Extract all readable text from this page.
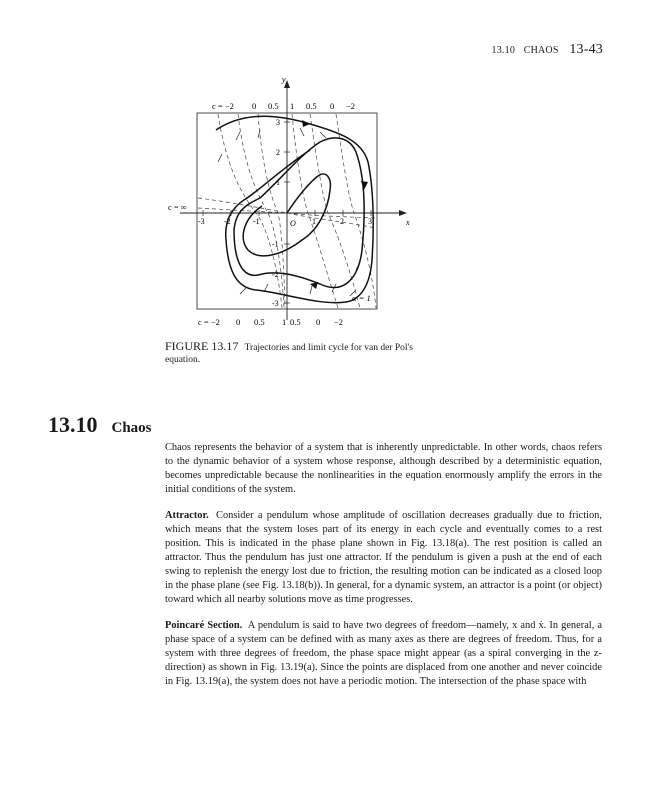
13.10 CHAOS 13-43
y
x
O
-3 -2	-1	1	2	3
3
2
1
-1
-2
-3
c = −2 0 0.5 1 0.5 0 −2
c = −2 0 0.5 1 0.5 0 −2
c = ∞
α = 1
FIGURE 13.17 Trajectories and limit cycle for van der Pol's equation.
13.10 Chaos

Chaos represents the behavior of a system that is inherently unpredictable. In other words, chaos refers to the dynamic behavior of a system whose response, although described by a deterministic equation, becomes unpredictable because the nonlinearities in the equation enormously amplify the errors in the initial conditions of the system.

Attractor. Consider a pendulum whose amplitude of oscillation decreases gradually due to friction, which means that the system loses part of its energy in each cycle and eventually comes to a rest position. This is indicated in the phase plane shown in Fig. 13.18(a). The rest position is called an attractor. Thus the pendulum has just one attractor. If the pendulum is given a push at the end of each swing to replenish the energy lost due to friction, the resulting motion can be indicated as a closed loop in the phase plane (see Fig. 13.18(b)). In general, for a dynamic system, an attractor is a point (or object) toward which all nearby solutions move as time progresses.

Poincaré Section. A pendulum is said to have two degrees of freedom—namely, x and ẋ. In general, a phase space of a system can be defined with as many axes as there are degrees of freedom. Thus, for a system with three degrees of freedom, the phase space might appear (as a spiral converging in the z-direction) as shown in Fig. 13.19(a). Since the points are displaced from one another and never coincide in Fig. 13.19(a), the system does not have a periodic motion. The intersection of the phase space with
